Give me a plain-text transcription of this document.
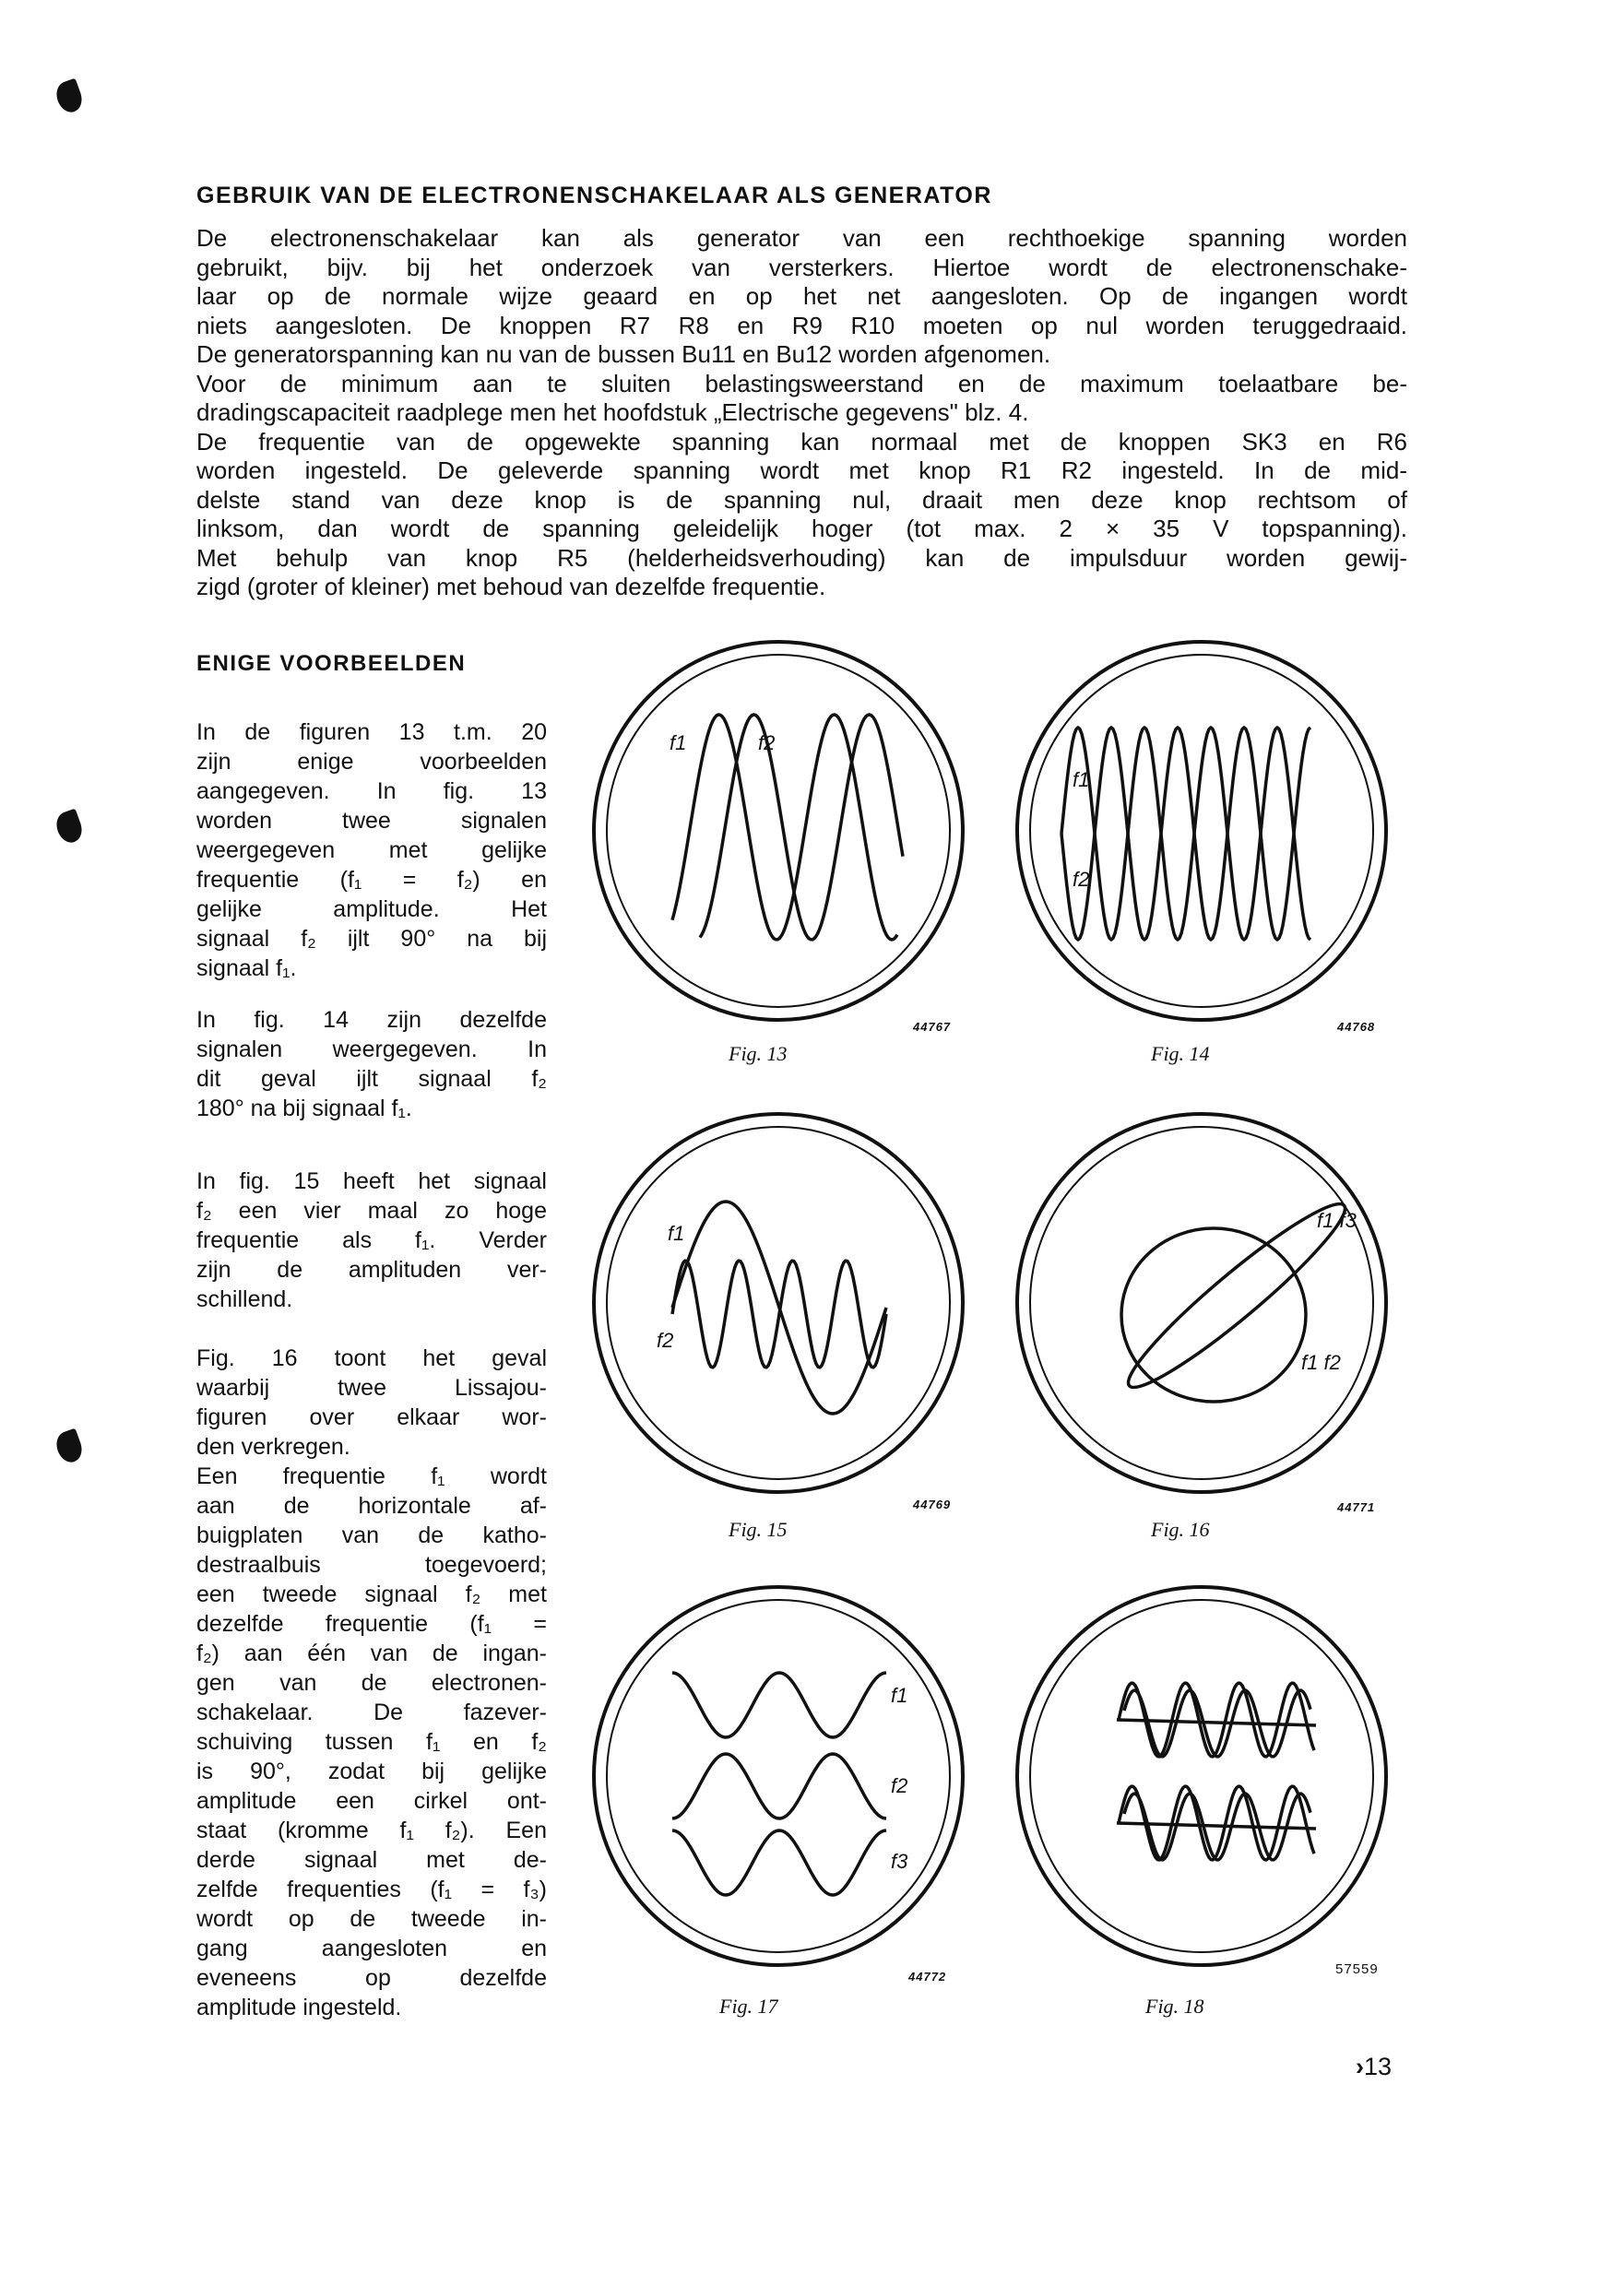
GEBRUIK VAN DE ELECTRONENSCHAKELAAR ALS GENERATOR
De electronenschakelaar kan als generator van een rechthoekige spanning worden
gebruikt, bijv. bij het onderzoek van versterkers. Hiertoe wordt de electronenschake-
laar op de normale wijze geaard en op het net aangesloten. Op de ingangen wordt
niets aangesloten. De knoppen R7 R8 en R9 R10 moeten op nul worden teruggedraaid.
De generatorspanning kan nu van de bussen Bu11 en Bu12 worden afgenomen.
Voor de minimum aan te sluiten belastingsweerstand en de maximum toelaatbare be-
dradingscapaciteit raadplege men het hoofdstuk „Electrische gegevens" blz. 4.
De frequentie van de opgewekte spanning kan normaal met de knoppen SK3 en R6
worden ingesteld. De geleverde spanning wordt met knop R1 R2 ingesteld. In de mid-
delste stand van deze knop is de spanning nul, draait men deze knop rechtsom of
linksom, dan wordt de spanning geleidelijk hoger (tot max. 2 × 35 V topspanning).
Met behulp van knop R5 (helderheidsverhouding) kan de impulsduur worden gewij-
zigd (groter of kleiner) met behoud van dezelfde frequentie.
ENIGE VOORBEELDEN
In de figuren 13 t.m. 20
zijn enige voorbeelden
aangegeven. In fig. 13
worden twee signalen
weergegeven met gelijke
frequentie (f₁ = f₂) en
gelijke amplitude. Het
signaal f₂ ijlt 90° na bij
signaal f₁.
In fig. 14 zijn dezelfde
signalen weergegeven. In
dit geval ijlt signaal f₂
180° na bij signaal f₁.
In fig. 15 heeft het signaal
f₂ een vier maal zo hoge
frequentie als f₁. Verder
zijn de amplituden ver-
schillend.
Fig. 16 toont het geval
waarbij twee Lissajou-
figuren over elkaar wor-
den verkregen.
Een frequentie f₁ wordt
aan de horizontale af-
buigplaten van de katho-
destraalbuis toegevoerd;
een tweede signaal f₂ met
dezelfde frequentie (f₁ =
f₂) aan één van de ingan-
gen van de electronen-
schakelaar. De fazever-
schuiving tussen f₁ en f₂
is 90°, zodat bij gelijke
amplitude een cirkel ont-
staat (kromme f₁ f₂). Een
derde signaal met de-
zelfde frequenties (f₁ = f₃)
wordt op de tweede in-
gang aangesloten en
eveneens op dezelfde
amplitude ingesteld.
f1	f2
f1
f2
f1
f2
f1 f3
f1 f2
f1
f2
f3
Fig. 13	Fig. 14
Fig. 15	Fig. 16
Fig. 17	Fig. 18
44767	44768
44769	44771
44772	57559
›13
